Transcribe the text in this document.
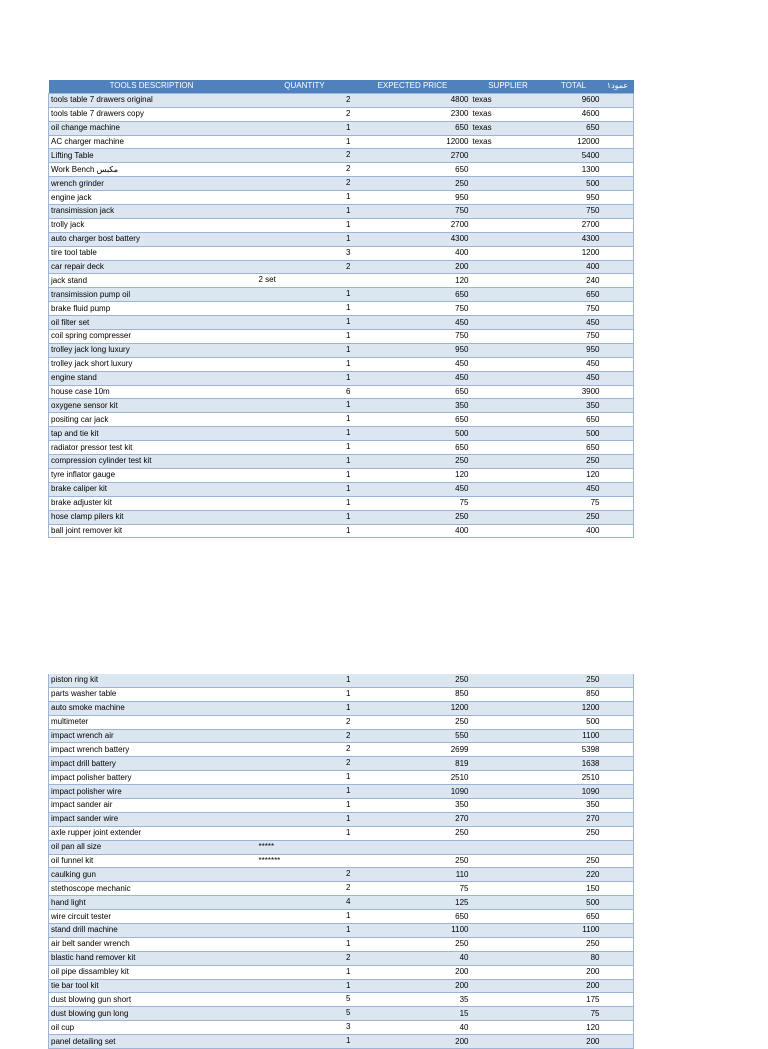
TOOLS DESCRIPTION	QUANTITY	EXPECTED PRICE	SUPPLIER	TOTAL	عمود١
tools table 7 drawers original	2	4800	texas	9600	
tools table 7 drawers copy	2	2300	texas	4600	
oil change machine	1	650	texas	650	
AC charger machine	1	12000	texas	12000	
Lifting Table	2	2700		5400	
Work Bench مكبس	2	650		1300	
wrench grinder	2	250		500	
engine jack	1	950		950	
transimission jack	1	750		750	
trolly jack	1	2700		2700	
auto charger bost battery	1	4300		4300	
tire tool table	3	400		1200	
car repair deck	2	200		400	
jack stand	2 set	120		240	
transimission pump oil	1	650		650	
brake fluid pump	1	750		750	
oil filter set	1	450		450	
coil spring compresser	1	750		750	
trolley jack long luxury	1	950		950	
trolley jack short luxury	1	450		450	
engine stand	1	450		450	
house case 10m	6	650		3900	
oxygene sensor kit	1	350		350	
positing car jack	1	650		650	
tap and tie kit	1	500		500	
radiator pressor test kit	1	650		650	
compression cylinder test kit	1	250		250	
tyre inflator gauge	1	120		120	
brake caliper kit	1	450		450	
brake adjuster kit	1	75		75	
hose clamp pilers kit	1	250		250	
ball joint remover kit	1	400		400	
piston ring kit	1	250		250	
parts washer table	1	850		850	
auto smoke machine	1	1200		1200	
multimeter	2	250		500	
impact wrench air	2	550		1100	
impact wrench battery	2	2699		5398	
impact drill battery	2	819		1638	
impact polisher battery	1	2510		2510	
impact polisher wire	1	1090		1090	
impact sander air	1	350		350	
impact sander wire	1	270		270	
axle rupper joint extender	1	250		250	
oil pan all size	*****				

oil funnel kit	*******	250		250	
caulking gun	2	110		220	
stethoscope mechanic	2	75		150	
hand light	4	125		500	
wire circuit tester	1	650		650	
stand drill machine	1	1100		1100	
air belt sander wrench	1	250		250	
blastic hand remover kit	2	40		80	
oil pipe dissambley kit	1	200		200	
tie bar tool kit	1	200		200	
dust blowing gun short	5	35		175	
dust blowing gun long	5	15		75	
oil cup	3	40		120	
panel detailing set	1	200		200	
